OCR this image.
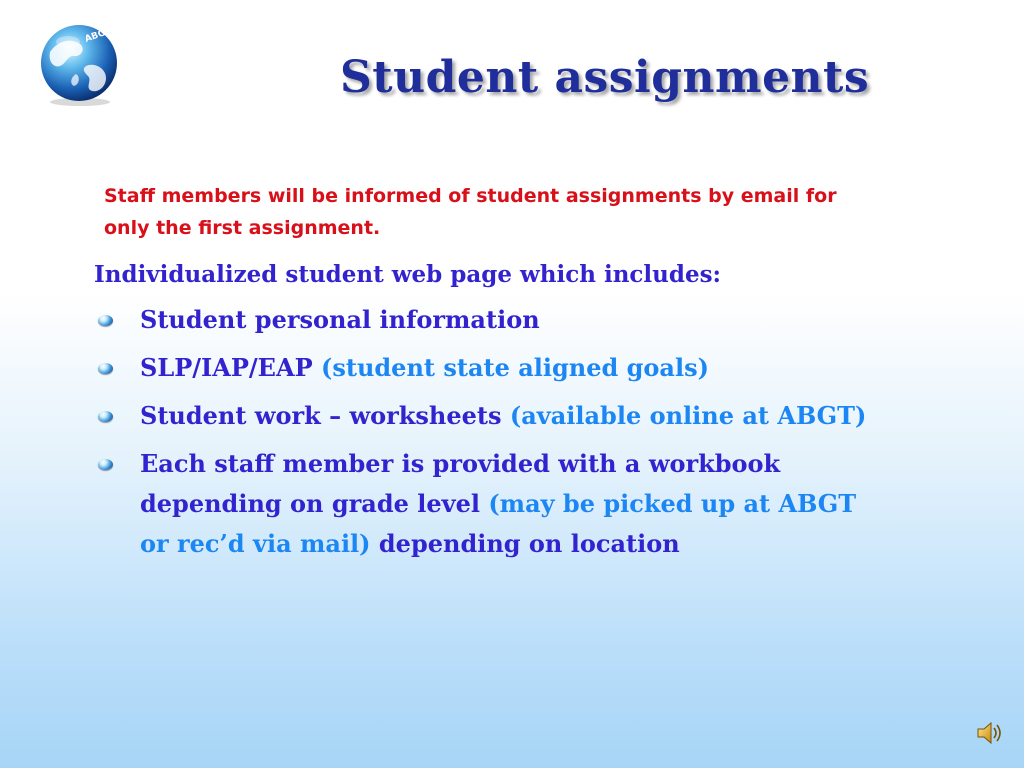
ABGT
Student assignments

Staff members will be informed of student assignments by email for only the first assignment.

Individualized student web page which includes:

Student personal information
SLP/IAP/EAP (student state aligned goals)
Student work – worksheets (available online at ABGT)
Each staff member is provided with a workbook depending on grade level (may be picked up at ABGT or rec’d via mail) depending on location
